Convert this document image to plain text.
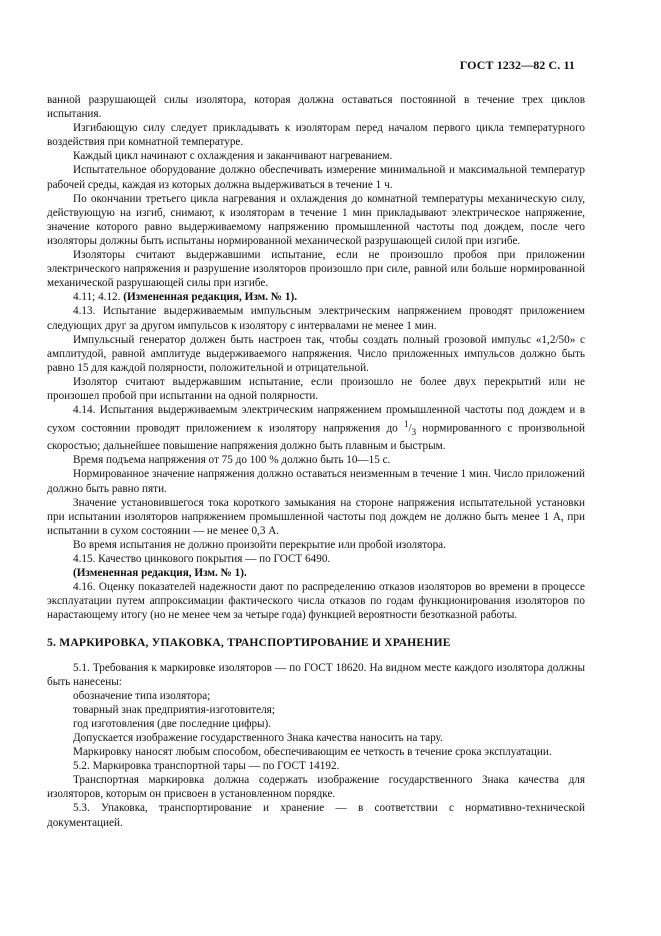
ГОСТ 1232—82 С. 11

ванной разрушающей силы изолятора, которая должна оставаться постоянной в течение трех циклов испытания.

Изгибающую силу следует прикладывать к изоляторам перед началом первого цикла температурного воздействия при комнатной температуре.

Каждый цикл начинают с охлаждения и заканчивают нагреванием.

Испытательное оборудование должно обеспечивать измерение минимальной и максимальной температур рабочей среды, каждая из которых должна выдерживаться в течение 1 ч.

По окончании третьего цикла нагревания и охлаждения до комнатной температуры механическую силу, действующую на изгиб, снимают, к изоляторам в течение 1 мин прикладывают электрическое напряжение, значение которого равно выдерживаемому напряжению промышленной частоты под дождем, после чего изоляторы должны быть испытаны нормированной механической разрушающей силой при изгибе.

Изоляторы считают выдержавшими испытание, если не произошло пробоя при приложении электрического напряжения и разрушение изоляторов произошло при силе, равной или больше нормированной механической разрушающей силы при изгибе.

4.11; 4.12. (Измененная редакция, Изм. № 1).

4.13. Испытание выдерживаемым импульсным электрическим напряжением проводят приложением следующих друг за другом импульсов к изолятору с интервалами не менее 1 мин.

Импульсный генератор должен быть настроен так, чтобы создать полный грозовой импульс «1,2/50» с амплитудой, равной амплитуде выдерживаемого напряжения. Число приложенных импульсов должно быть равно 15 для каждой полярности, положительной и отрицательной.

Изолятор считают выдержавшим испытание, если произошло не более двух перекрытий или не произошел пробой при испытании на одной полярности.

4.14. Испытания выдерживаемым электрическим напряжением промышленной частоты под дождем и в сухом состоянии проводят приложением к изолятору напряжения до $^1/_3$ нормированного с произвольной скоростью; дальнейшее повышение напряжения должно быть плавным и быстрым.

Время подъема напряжения от 75 до 100 % должно быть 10—15 с.

Нормированное значение напряжения должно оставаться неизменным в течение 1 мин. Число приложений должно быть равно пяти.

Значение установившегося тока короткого замыкания на стороне напряжения испытательной установки при испытании изоляторов напряжением промышленной частоты под дождем не должно быть менее 1 А, при испытании в сухом состоянии — не менее 0,3 А.

Во время испытания не должно произойти перекрытие или пробой изолятора.

4.15. Качество цинкового покрытия — по ГОСТ 6490.

(Измененная редакция, Изм. № 1).

4.16. Оценку показателей надежности дают по распределению отказов изоляторов во времени в процессе эксплуатации путем аппроксимации фактического числа отказов по годам функционирования изоляторов по нарастающему итогу (но не менее чем за четыре года) функцией вероятности безотказной работы.

5. МАРКИРОВКА, УПАКОВКА, ТРАНСПОРТИРОВАНИЕ И ХРАНЕНИЕ

5.1. Требования к маркировке изоляторов — по ГОСТ 18620. На видном месте каждого изолятора должны быть нанесены:

обозначение типа изолятора;

товарный знак предприятия-изготовителя;

год изготовления (две последние цифры).

Допускается изображение государственного Знака качества наносить на тару.

Маркировку наносят любым способом, обеспечивающим ее четкость в течение срока эксплуатации.

5.2. Маркировка транспортной тары — по ГОСТ 14192.

Транспортная маркировка должна содержать изображение государственного Знака качества для изоляторов, которым он присвоен в установленном порядке.

5.3. Упаковка, транспортирование и хранение — в соответствии с нормативно-технической документацией.
